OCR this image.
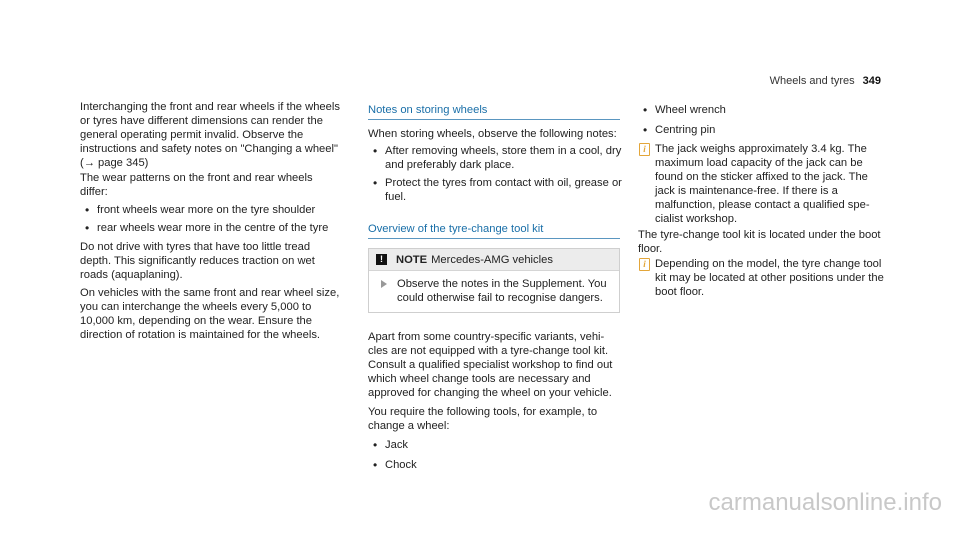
Wheels and tyres 349

Interchanging the front and rear wheels if the wheels or tyres have different dimensions can render the general operating permit invalid. Observe the instructions and safety notes on "Changing a wheel" (→ page 345)

The wear patterns on the front and rear wheels differ:

• front wheels wear more on the tyre shoulder
• rear wheels wear more in the centre of the tyre

Do not drive with tyres that have too little tread depth. This significantly reduces traction on wet roads (aquaplaning).

On vehicles with the same front and rear wheel size, you can interchange the wheels every 5,000 to 10,000 km, depending on the wear. Ensure the direction of rotation is maintained for the wheels.

Notes on storing wheels

When storing wheels, observe the following notes:

• After removing wheels, store them in a cool, dry and preferably dark place.
• Protect the tyres from contact with oil, grease or fuel.
Overview of the tyre-change tool kit
!	NOTE Mercedes-AMG vehicles

Observe the notes in the Supplement. You could otherwise fail to recognise dangers.

Apart from some country-specific variants, vehi- cles are not equipped with a tyre-change tool kit. Consult a qualified specialist workshop to find out which wheel change tools are necessary and approved for changing the wheel on your vehicle.

You require the following tools, for example, to change a wheel:

• Jack
• Chock
• Wheel wrench
• Centring pin
i The jack weighs approximately 3.4 kg. The maximum load capacity of the jack can be found on the sticker affixed to the jack. The jack is maintenance-free. If there is a malfunction, please contact a qualified spe- cialist workshop.

The tyre-change tool kit is located under the boot floor.

i Depending on the model, the tyre change tool kit may be located at other positions under the boot floor.

carmanualsonline.info
